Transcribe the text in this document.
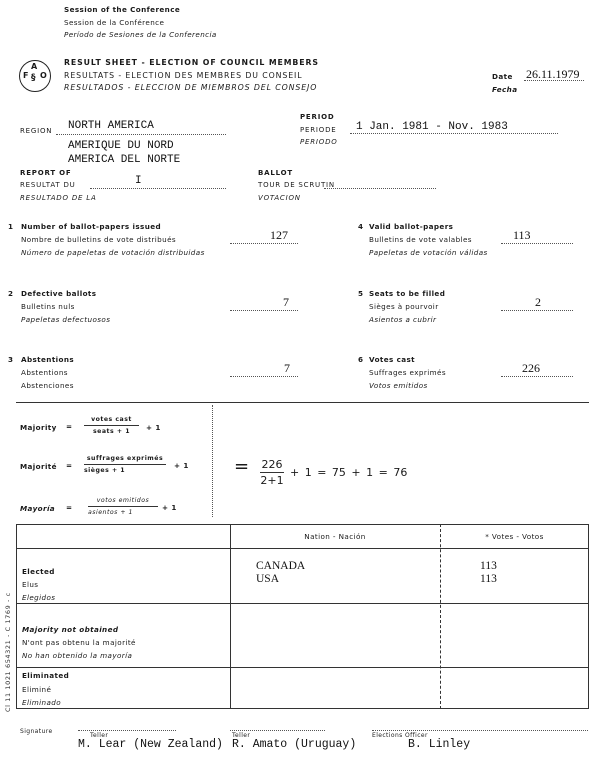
Session of the Conference
Session de la Conférence
Período de Sesiones de la Conferencia
F
A
O
§
RESULT SHEET - ELECTION OF COUNCIL MEMBERS
RESULTATS - ELECTION DES MEMBRES DU CONSEIL
RESULTADOS - ELECCION DE MIEMBROS DEL CONSEJO
Date
Fecha
26.11.1979
REGION NORTH AMERICA
AMERIQUE DU NORD
AMERICA DEL NORTE
PERIOD
PERIODE
PERIODO
1 Jan. 1981 - Nov. 1983
REPORT OF
RESULTAT DU
RESULTADO DE LA
I
BALLOT
TOUR DE SCRUTIN
VOTACION
1 Number of ballot-papers issued
Nombre de bulletins de vote distribués
Número de papeletas de votación distribuidas
127
2 Defective ballots
Bulletins nuls
Papeletas defectuosos
7
3 Abstentions
Abstentions
Abstenciones
7
4 Valid ballot-papers
Bulletins de vote valables
Papeletas de votación válidas
113
5 Seats to be filled
Sièges à pourvoir
Asientos a cubrir
2
6 Votes cast
Suffrages exprimés
Votos emitidos
226
Majority =
votes cast
seats + 1	+ 1
Majorité =
suffrages exprimés
sièges + 1
+ 1
Mayoría =
votos emitidos
asientos + 1
+ 1
= 226
2+1
+ 1 = 75 + 1 = 76
Nation - Nación	* Votes - Votos
Elected
Elus
Elegidos
CANADA
USA
113
113
Majority not obtained
N'ont pas obtenu la majorité
No han obtenido la mayoría
Eliminated
Eliminé
Eliminado
Cl 11 1021 654321 - C 1769 - c
Signature
Teller
M. Lear (New Zealand)
Teller
R. Amato (Uruguay)
Elections Officer
B. Linley
